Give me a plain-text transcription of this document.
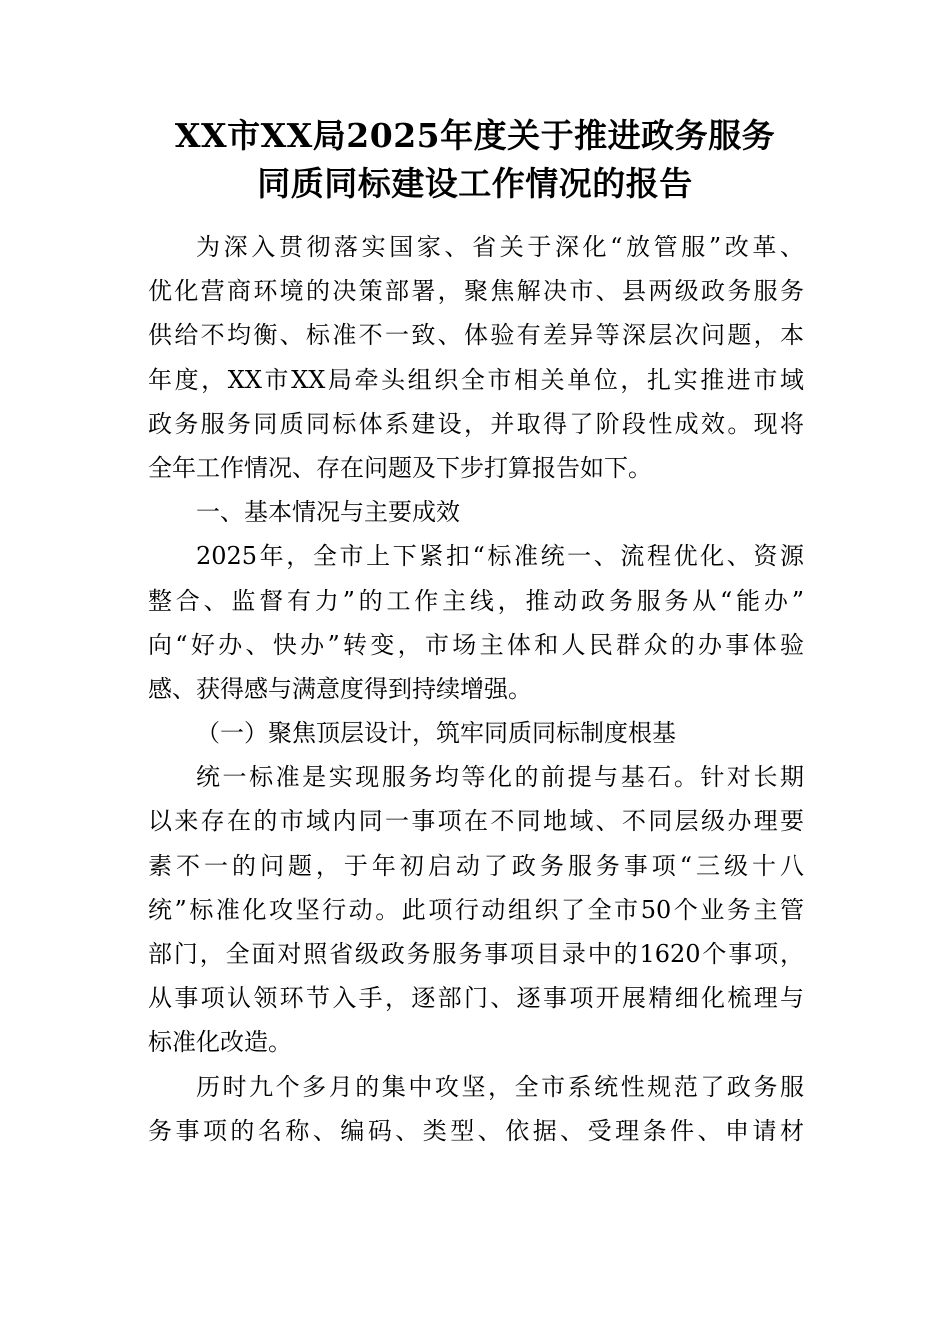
XX市XX局2025年度关于推进政务服务
同质同标建设工作情况的报告
为深入贯彻落实国家、省关于深化“放管服”改革、
优化营商环境的决策部署，聚焦解决市、县两级政务服务
供给不均衡、标准不一致、体验有差异等深层次问题，本
年度，XX市XX局牵头组织全市相关单位，扎实推进市域
政务服务同质同标体系建设，并取得了阶段性成效。现将
全年工作情况、存在问题及下步打算报告如下。
一、基本情况与主要成效
2025年，全市上下紧扣“标准统一、流程优化、资源
整合、监督有力”的工作主线，推动政务服务从“能办”
向“好办、快办”转变，市场主体和人民群众的办事体验
感、获得感与满意度得到持续增强。
（一）聚焦顶层设计，筑牢同质同标制度根基
统一标准是实现服务均等化的前提与基石。针对长期
以来存在的市域内同一事项在不同地域、不同层级办理要
素不一的问题，于年初启动了政务服务事项“三级十八
统”标准化攻坚行动。此项行动组织了全市50个业务主管
部门，全面对照省级政务服务事项目录中的1620个事项，
从事项认领环节入手，逐部门、逐事项开展精细化梳理与
标准化改造。
历时九个多月的集中攻坚，全市系统性规范了政务服
务事项的名称、编码、类型、依据、受理条件、申请材
